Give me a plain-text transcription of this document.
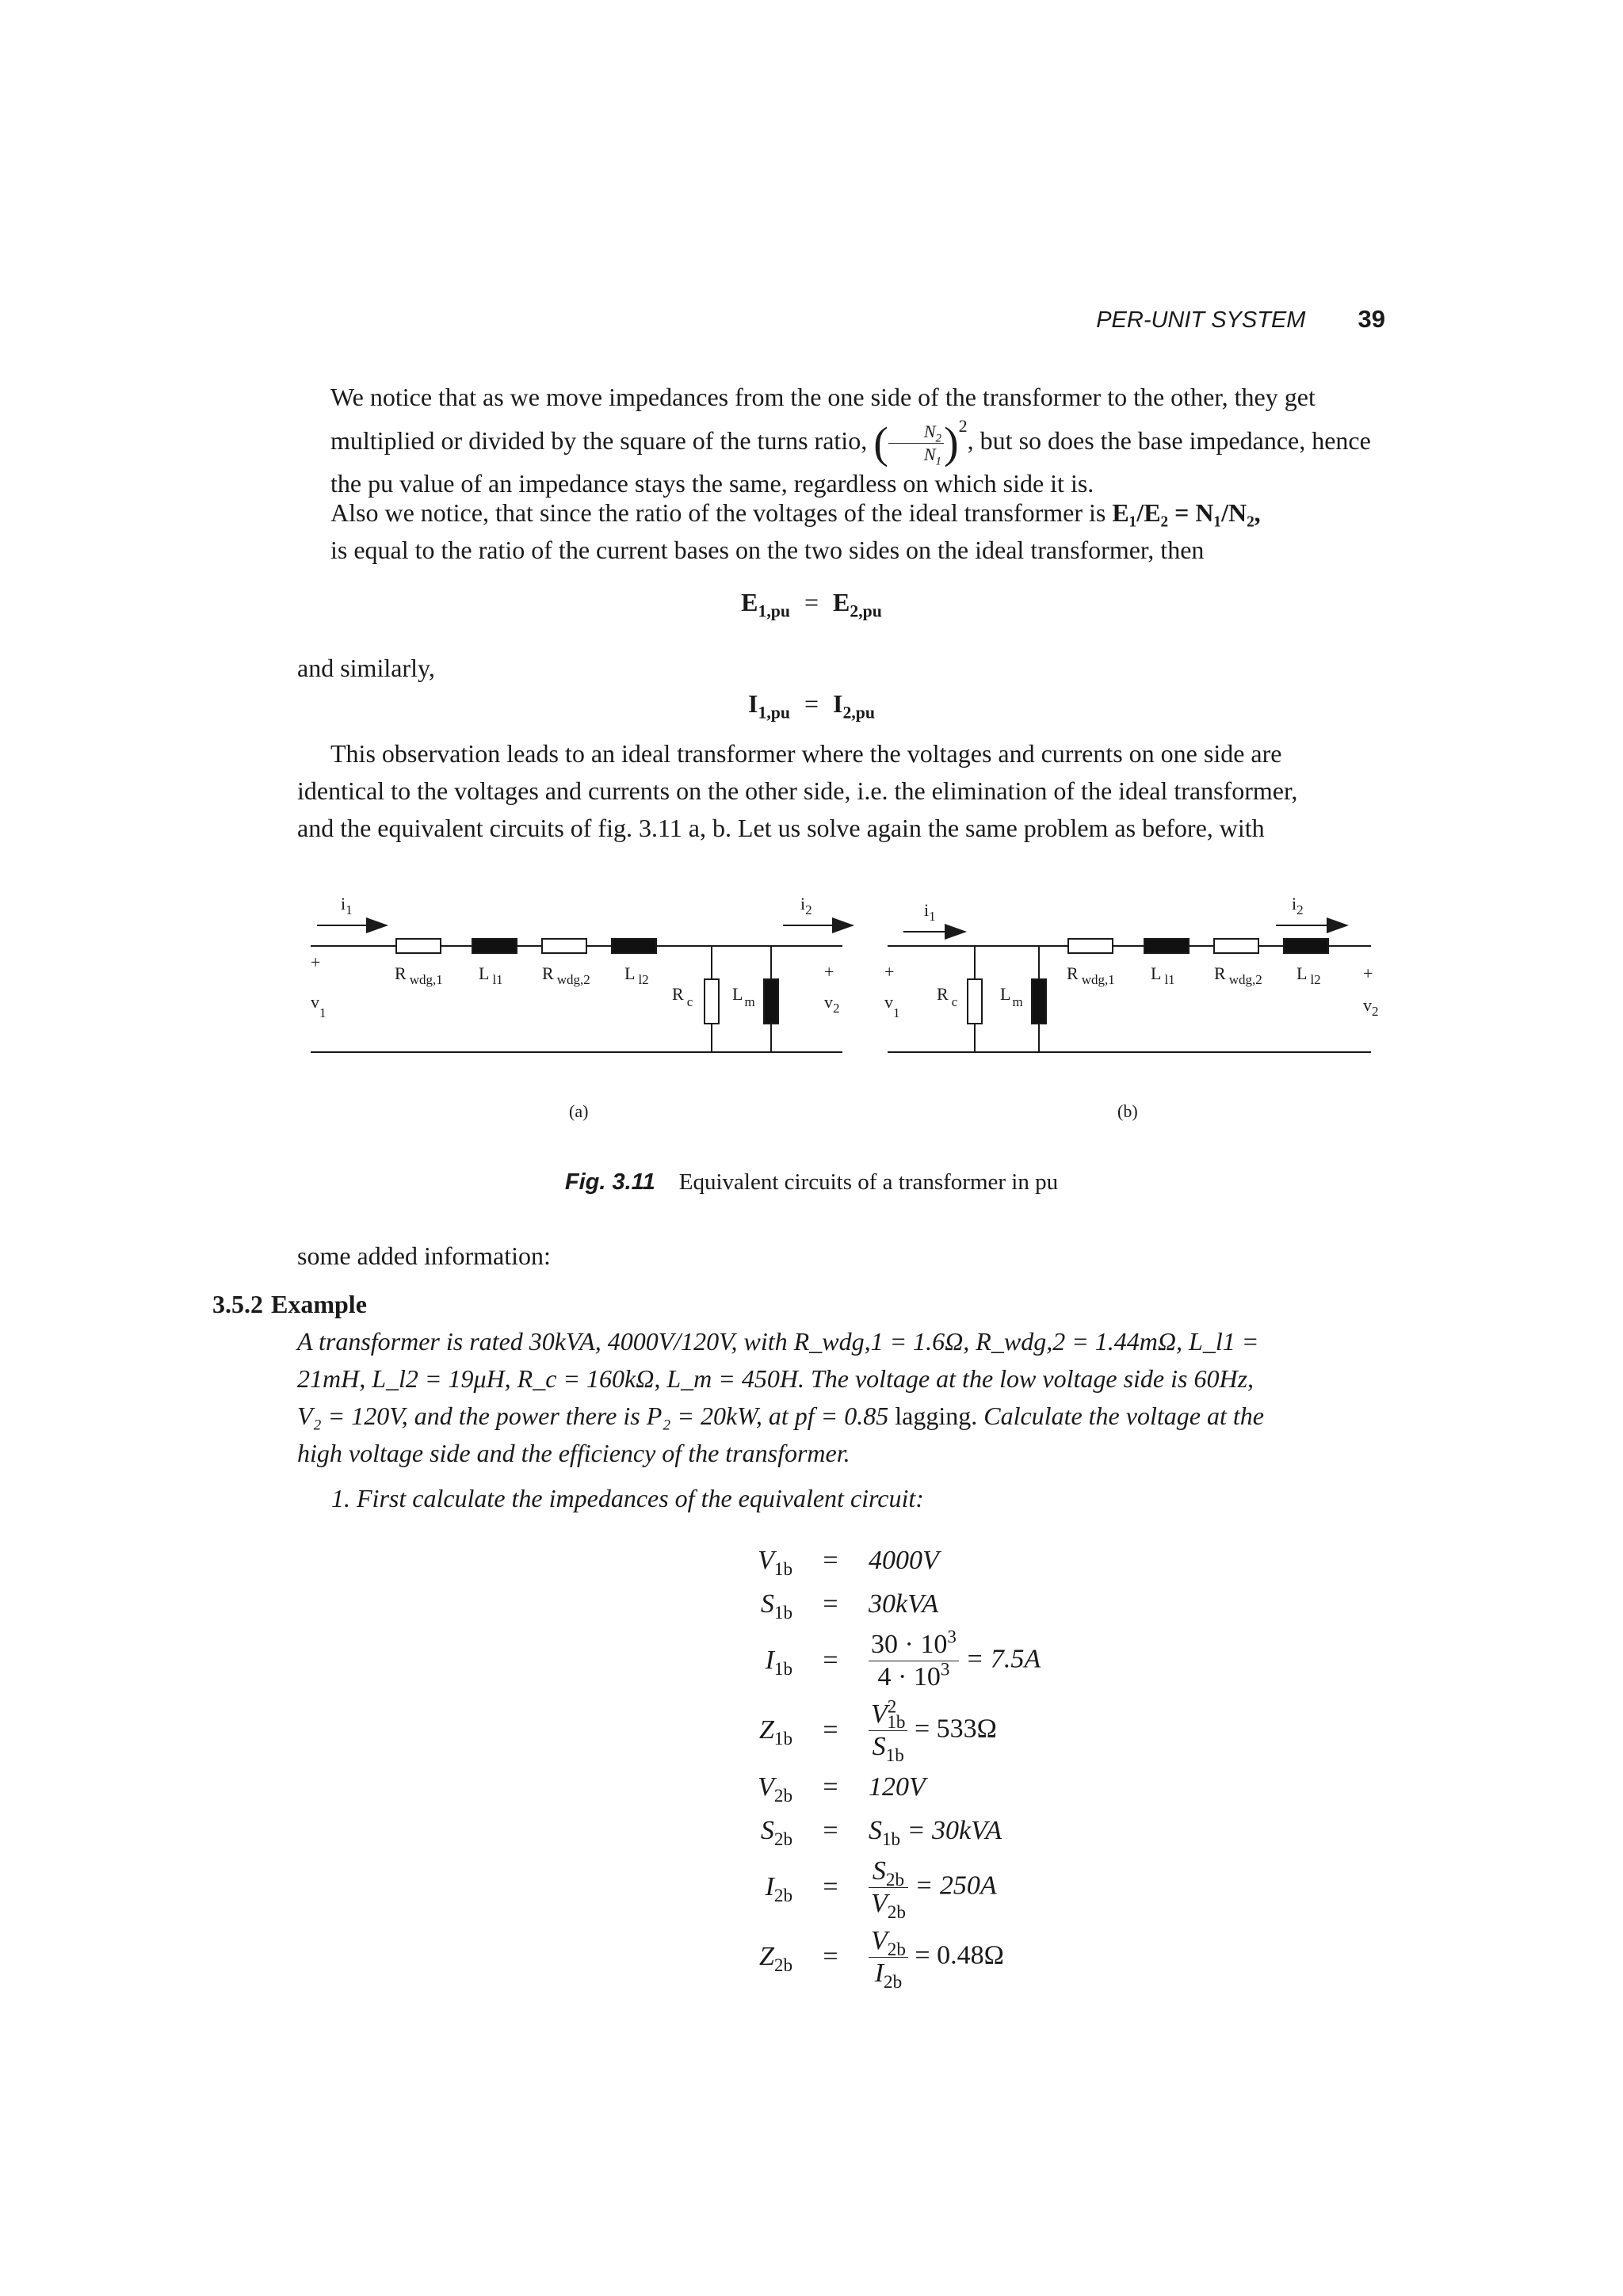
PER-UNIT SYSTEM 39
We notice that as we move impedances from the one side of the transformer to the other, they get
multiplied or divided by the square of the turns ratio, ( $\frac{N_2}{N_1} )^2$, but so does the base impedance, hence
the pu value of an impedance stays the same, regardless on which side it is.
Also we notice, that since the ratio of the voltages of the ideal transformer is E₁/E₂ = N₁/N₂,
is equal to the ratio of the current bases on the two sides on the ideal transformer, then
$E_{1,pu} = E_{2,pu}$
and similarly,
$I_{1,pu} = I_{2,pu}$
This observation leads to an ideal transformer where the voltages and currents on one side are
identical to the voltages and currents on the other side, i.e. the elimination of the ideal transformer,
and the equivalent circuits of fig. 3.11 a, b. Let us solve again the same problem as before, with
$i_1$	$i_2$
+
$v_1$
+
$v_2$
R $_{wdg,1}$ L $_{l1}$ R $_{wdg,2}$ L $_{l2}$
R $_c$ L $_m$
(a)
$i_1$
$i_2$
+
$v_1$
+
$v_2$
R $_c$ L $_m$
R $_{wdg,1}$ L $_{l1}$ R $_{wdg,2}$ L $_{l2}$
(b)
Fig. 3.11 Equivalent circuits of a transformer in pu
some added information:
3.5.2 Example
A transformer is rated 30kVA, 4000V/120V, with R_wdg,1 = 1.6Ω, R_wdg,2 = 1.44mΩ, L_l1 =
21mH, L_l2 = 19μH, R_c = 160kΩ, L_m = 450H. The voltage at the low voltage side is 60Hz,
V₂ = 120V, and the power there is P₂ = 20kW, at pf = 0.85 lagging. Calculate the voltage at the
high voltage side and the efficiency of the transformer.
1. First calculate the impedances of the equivalent circuit:
$V_{1b}$	=	4000V
$S_{1b}$	=	30kVA
$I_{1b}$	=	$\frac{30 \cdot 10^3}{4 \cdot 10^3} = 7.5A$
$Z_{1b}$	=	$\frac{V^2_{1b}}{S_{1b}} = 533\Omega$
$V_{2b}$	=	120V
$S_{2b}$	=	$S_{1b} = 30kVA$
$I_{2b}$	=	$\frac{S_{2b}}{V_{2b}} = 250A$
$Z_{2b}$	=	$\frac{V_{2b}}{I_{2b}} = 0.48\Omega$
